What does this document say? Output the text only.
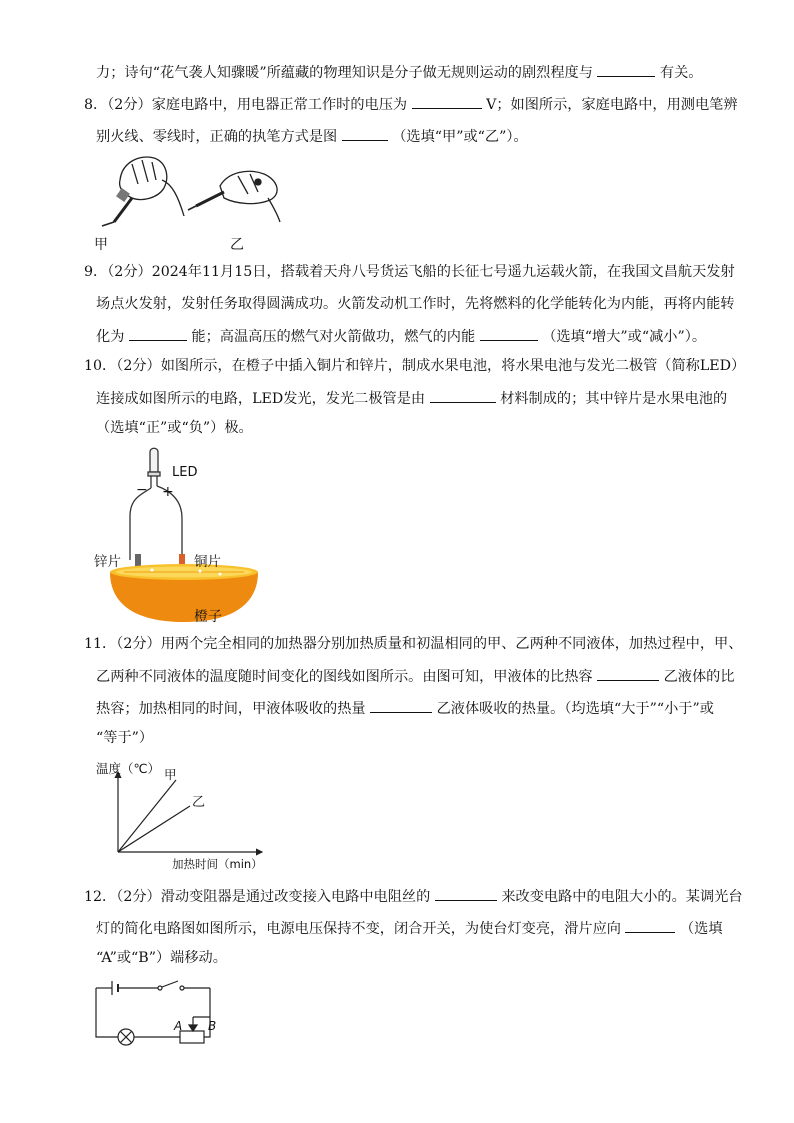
力；诗句“花气袭人知骤暖”所蕴藏的物理知识是分子做无规则运动的剧烈程度与	有关。
8．（2分）家庭电路中，用电器正常工作时的电压为	V；如图所示，家庭电路中，用测电笔辨
别火线、零线时，正确的执笔方式是图	（选填“甲”或“乙”）。
甲	乙
9．（2分）2024年11月15日，搭载着天舟八号货运飞船的长征七号遥九运载火箭，在我国文昌航天发射
场点火发射，发射任务取得圆满成功。火箭发动机工作时，先将燃料的化学能转化为内能，再将内能转
化为	能；高温高压的燃气对火箭做功，燃气的内能	（选填“增大”或“减小”）。
10．（2分）如图所示，在橙子中插入铜片和锌片，制成水果电池，将水果电池与发光二极管（简称LED）
连接成如图所示的电路，LED发光，发光二极管是由	材料制成的；其中锌片是水果电池的
（选填“正”或“负”）极。
LED
− +
锌片	铜片
橙子
11．（2分）用两个完全相同的加热器分别加热质量和初温相同的甲、乙两种不同液体，加热过程中，甲、
乙两种不同液体的温度随时间变化的图线如图所示。由图可知，甲液体的比热容	乙液体的比
热容；加热相同的时间，甲液体吸收的热量	乙液体吸收的热量。（均选填“大于”“小于”或
“等于”）
温度（℃） 甲
乙
加热时间（min）
12．（2分）滑动变阻器是通过改变接入电路中电阻丝的	来改变电路中的电阻大小的。某调光台
灯的简化电路图如图所示，电源电压保持不变，闭合开关，为使台灯变亮，滑片应向	（选填
“A”或“B”）端移动。
A B
